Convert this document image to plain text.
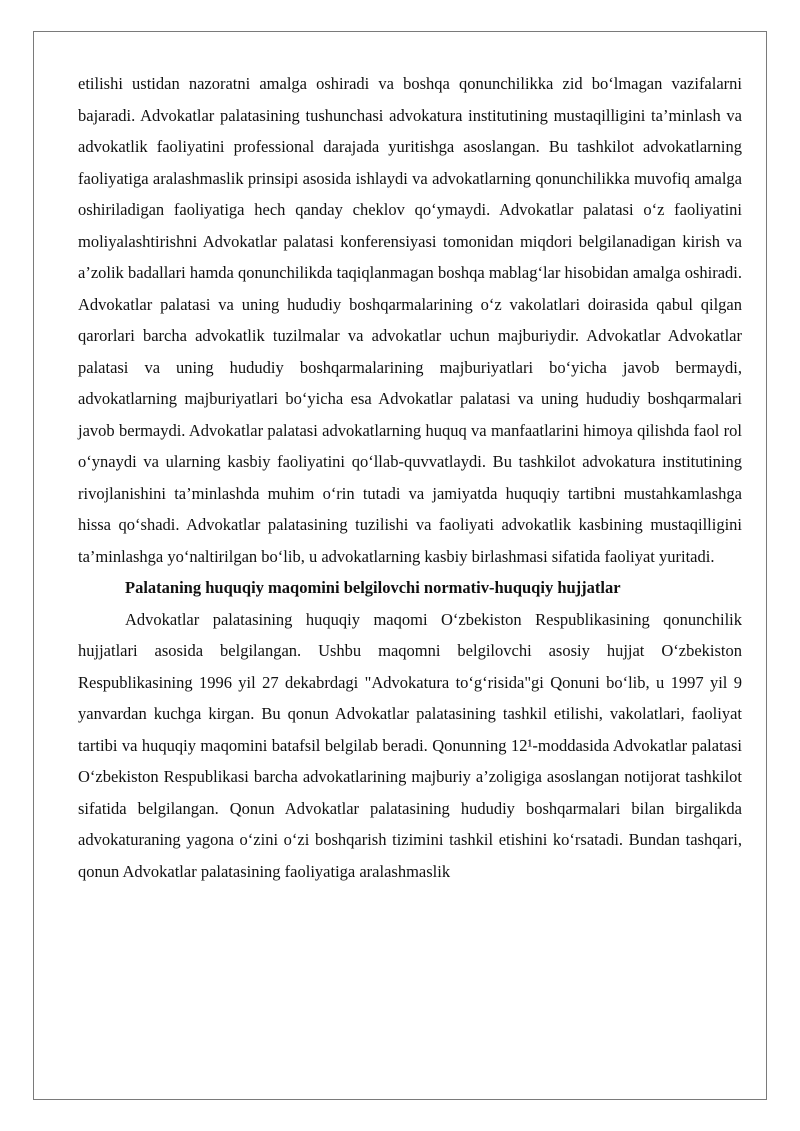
etilishi ustidan nazoratni amalga oshiradi va boshqa qonunchilikka zid bo‘lmagan vazifalarni bajaradi. Advokatlar palatasining tushunchasi advokatura institutining mustaqilligini ta’minlash va advokatlik faoliyatini professional darajada yuritishga asoslangan. Bu tashkilot advokatlarning faoliyatiga aralashmaslik prinsipi asosida ishlaydi va advokatlarning qonunchilikka muvofiq amalga oshiriladigan faoliyatiga hech qanday cheklov qo‘ymaydi. Advokatlar palatasi o‘z faoliyatini moliyalashtirishni Advokatlar palatasi konferensiyasi tomonidan miqdori belgilanadigan kirish va a’zolik badallari hamda qonunchilikda taqiqlanmagan boshqa mablag‘lar hisobidan amalga oshiradi. Advokatlar palatasi va uning hududiy boshqarmalarining o‘z vakolatlari doirasida qabul qilgan qarorlari barcha advokatlik tuzilmalar va advokatlar uchun majburiydir. Advokatlar Advokatlar palatasi va uning hududiy boshqarmalarining majburiyatlari bo‘yicha javob bermaydi, advokatlarning majburiyatlari bo‘yicha esa Advokatlar palatasi va uning hududiy boshqarmalari javob bermaydi. Advokatlar palatasi advokatlarning huquq va manfaatlarini himoya qilishda faol rol o‘ynaydi va ularning kasbiy faoliyatini qo‘llab-quvvatlaydi. Bu tashkilot advokatura institutining rivojlanishini ta’minlashda muhim o‘rin tutadi va jamiyatda huquqiy tartibni mustahkamlashga hissa qo‘shadi. Advokatlar palatasining tuzilishi va faoliyati advokatlik kasbining mustaqilligini ta’minlashga yo‘naltirilgan bo‘lib, u advokatlarning kasbiy birlashmasi sifatida faoliyat yuritadi.

Palataning huquqiy maqomini belgilovchi normativ-huquqiy hujjatlar

Advokatlar palatasining huquqiy maqomi O‘zbekiston Respublikasining qonunchilik hujjatlari asosida belgilangan. Ushbu maqomni belgilovchi asosiy hujjat O‘zbekiston Respublikasining 1996 yil 27 dekabrdagi "Advokatura to‘g‘risida"gi Qonuni bo‘lib, u 1997 yil 9 yanvardan kuchga kirgan. Bu qonun Advokatlar palatasining tashkil etilishi, vakolatlari, faoliyat tartibi va huquqiy maqomini batafsil belgilab beradi. Qonunning 12¹-moddasida Advokatlar palatasi O‘zbekiston Respublikasi barcha advokatlarining majburiy a’zoligiga asoslangan notijorat tashkilot sifatida belgilangan. Qonun Advokatlar palatasining hududiy boshqarmalari bilan birgalikda advokaturaning yagona o‘zini o‘zi boshqarish tizimini tashkil etishini ko‘rsatadi. Bundan tashqari, qonun Advokatlar palatasining faoliyatiga aralashmaslik
